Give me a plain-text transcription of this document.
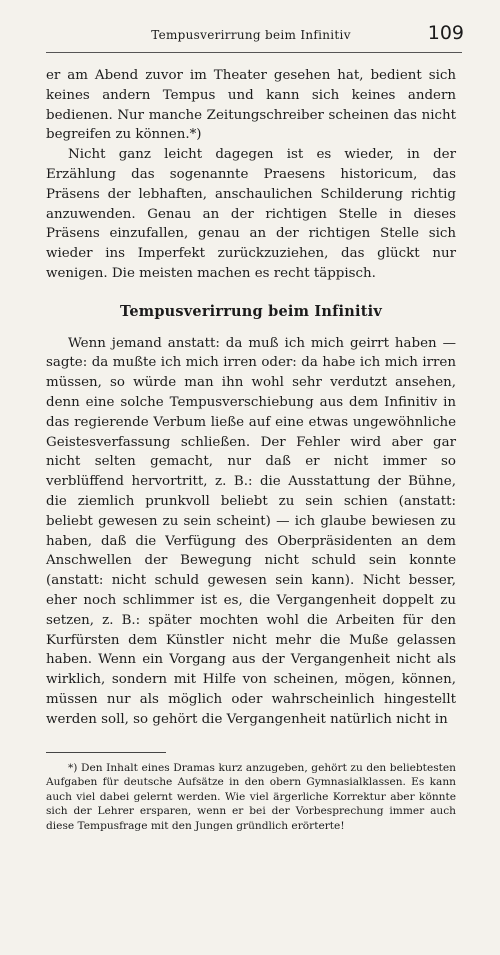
Tempusverirrung beim Infinitiv	109

er am Abend zuvor im Theater gesehen hat, bedient sich keines andern Tempus und kann sich keines andern bedienen. Nur manche Zeitungschreiber scheinen das nicht begreifen zu können.*)

Nicht ganz leicht dagegen ist es wieder, in der Erzählung das sogenannte Praesens historicum, das Präsens der lebhaften, anschaulichen Schilderung richtig anzuwenden. Genau an der richtigen Stelle in dieses Präsens einzufallen, genau an der richtigen Stelle sich wieder ins Imperfekt zurückzuziehen, das glückt nur wenigen. Die meisten machen es recht täppisch.

Tempusverirrung beim Infinitiv

Wenn jemand anstatt: da muß ich mich geirrt haben — sagte: da mußte ich mich irren oder: da habe ich mich irren müssen, so würde man ihn wohl sehr verdutzt ansehen, denn eine solche Tempusverschiebung aus dem Infinitiv in das regierende Verbum ließe auf eine etwas ungewöhnliche Geistesverfassung schließen. Der Fehler wird aber gar nicht selten gemacht, nur daß er nicht immer so verblüffend hervortritt, z. B.: die Ausstattung der Bühne, die ziemlich prunkvoll beliebt zu sein schien (anstatt: beliebt gewesen zu sein scheint) — ich glaube bewiesen zu haben, daß die Verfügung des Oberpräsidenten an dem Anschwellen der Bewegung nicht schuld sein konnte (anstatt: nicht schuld gewesen sein kann). Nicht besser, eher noch schlimmer ist es, die Vergangenheit doppelt zu setzen, z. B.: später mochten wohl die Arbeiten für den Kurfürsten dem Künstler nicht mehr die Muße gelassen haben. Wenn ein Vorgang aus der Vergangenheit nicht als wirklich, sondern mit Hilfe von scheinen, mögen, können, müssen nur als möglich oder wahrscheinlich hingestellt werden soll, so gehört die Vergangenheit natürlich nicht in

*) Den Inhalt eines Dramas kurz anzugeben, gehört zu den beliebtesten Aufgaben für deutsche Aufsätze in den obern Gymnasialklassen. Es kann auch viel dabei gelernt werden. Wie viel ärgerliche Korrektur aber könnte sich der Lehrer ersparen, wenn er bei der Vorbesprechung immer auch diese Tempusfrage mit den Jungen gründlich erörterte!
